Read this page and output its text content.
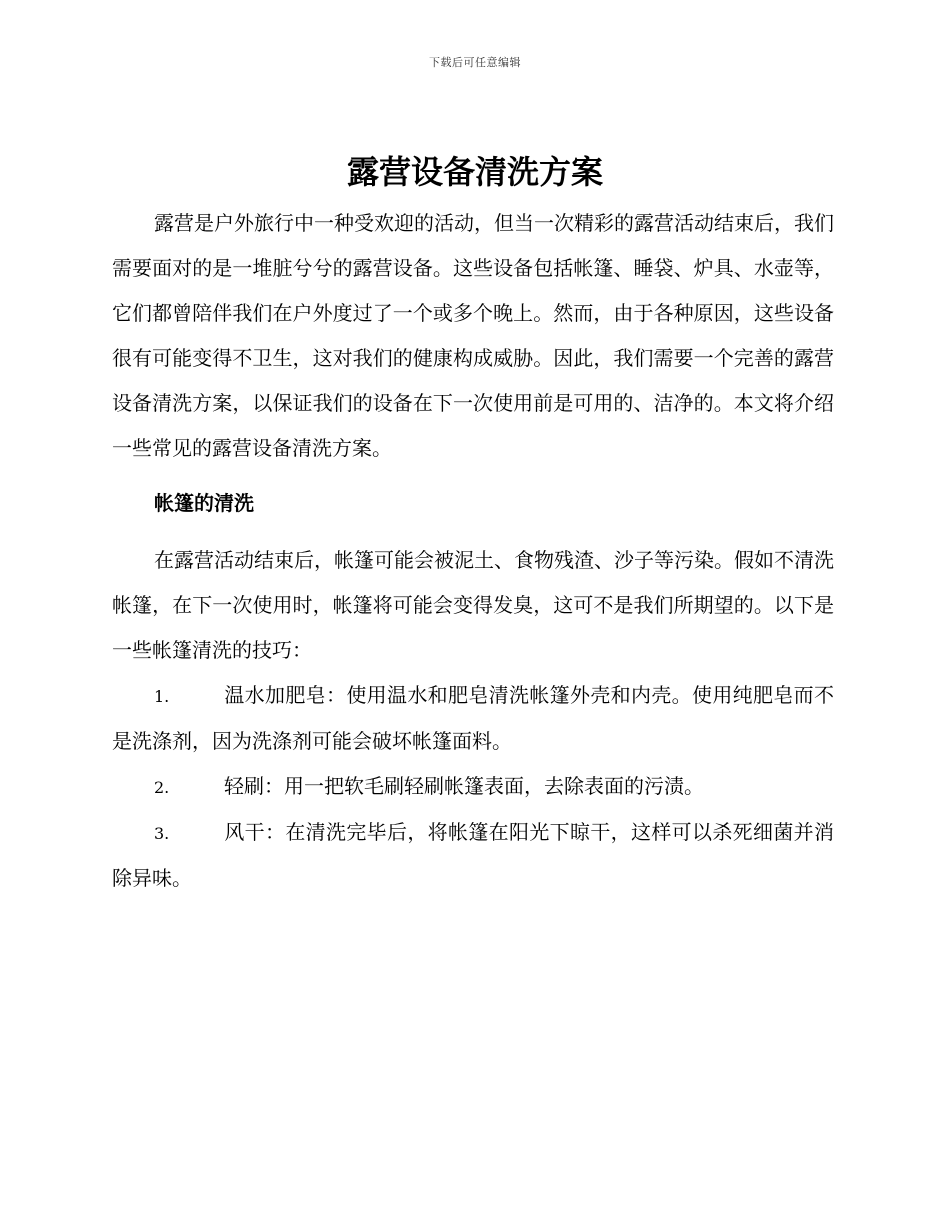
下载后可任意编辑
露营设备清洗方案

露营是户外旅行中一种受欢迎的活动，但当一次精彩的露营活动结束后，我们需要面对的是一堆脏兮兮的露营设备。这些设备包括帐篷、睡袋、炉具、水壶等，它们都曾陪伴我们在户外度过了一个或多个晚上。然而，由于各种原因，这些设备很有可能变得不卫生，这对我们的健康构成威胁。因此，我们需要一个完善的露营设备清洗方案，以保证我们的设备在下一次使用前是可用的、洁净的。本文将介绍一些常见的露营设备清洗方案。

帐篷的清洗

在露营活动结束后，帐篷可能会被泥土、食物残渣、沙子等污染。假如不清洗帐篷，在下一次使用时，帐篷将可能会变得发臭，这可不是我们所期望的。以下是一些帐篷清洗的技巧：

1.	温水加肥皂：使用温水和肥皂清洗帐篷外壳和内壳。使用纯肥皂而不是洗涤剂，因为洗涤剂可能会破坏帐篷面料。

2.	轻刷：用一把软毛刷轻刷帐篷表面，去除表面的污渍。

3.	风干：在清洗完毕后，将帐篷在阳光下晾干，这样可以杀死细菌并消除异味。
